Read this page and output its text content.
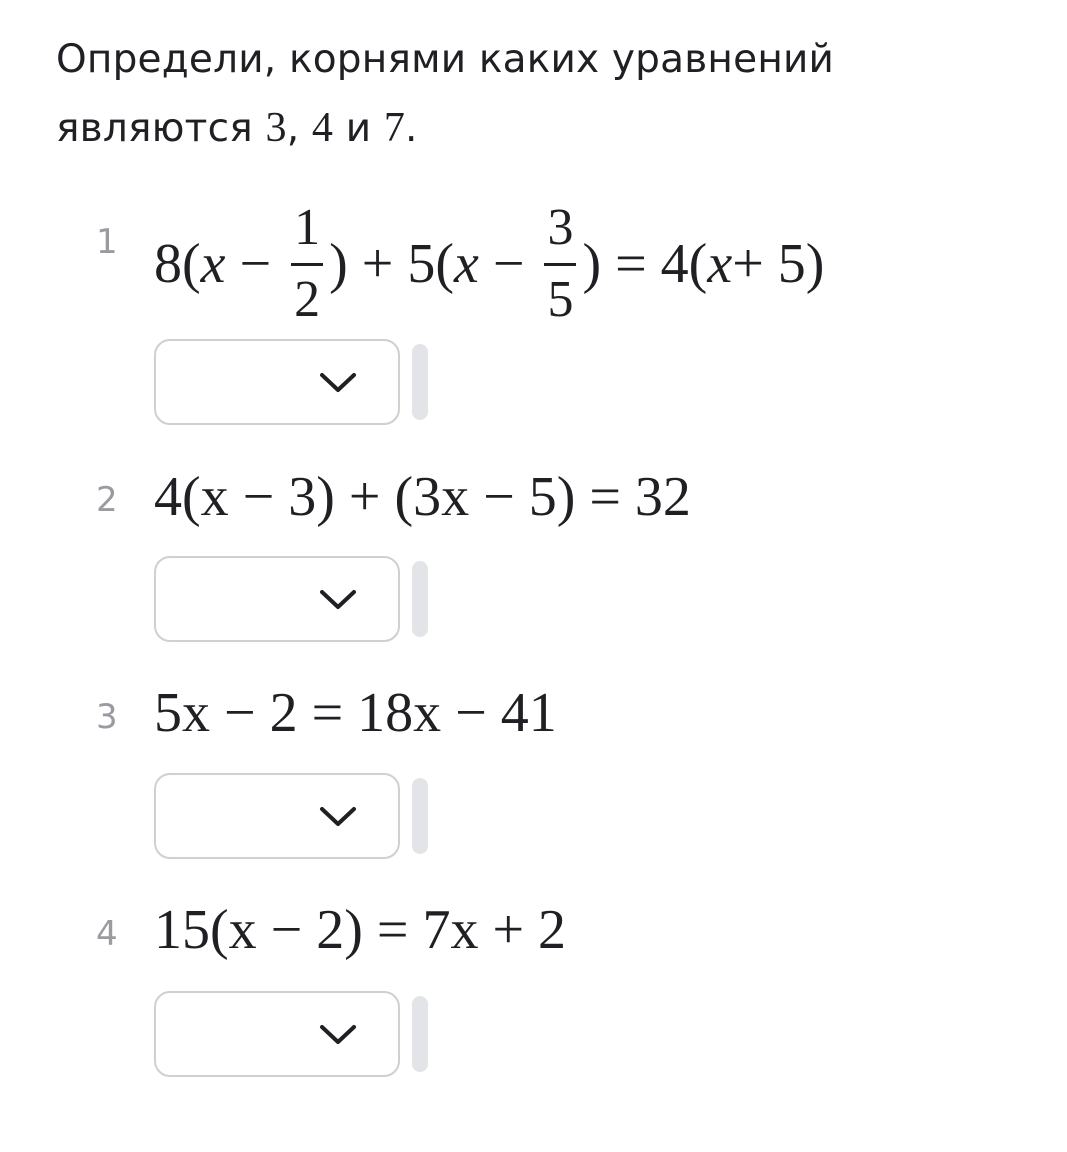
Определи, корнями каких уравнений
являются 3, 4 и 7.
1 8( $x - \frac{1}{2}$ ) + 5( $x - \frac{3}{5}$ ) = 4( x + 5)
2 4(x − 3) + (3x − 5) = 32
3 5x − 2 = 18x − 41
4 15(x − 2) = 7x + 2
